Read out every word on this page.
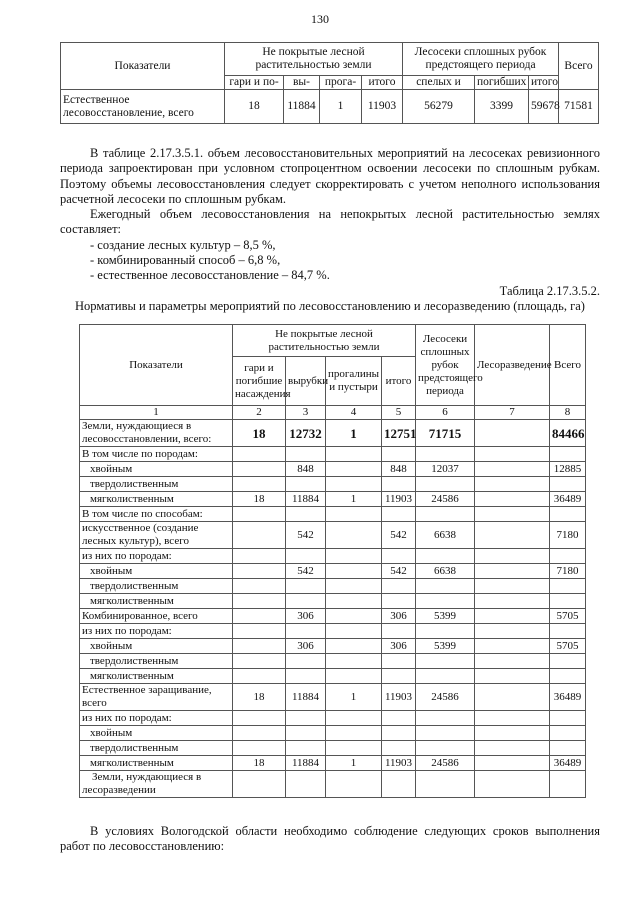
130
Показатели	Не покрытые лесной растительностью земли				Лесосеки сплошных рубок предстоящего периода			Всего
	гари и по-	вы-	прога-	итого	спелых и	погибших	итого	
Естественное лесовосстановление, всего	18	11884	1	11903	56279	3399	59678	71581

В таблице 2.17.3.5.1. объем лесовосстановительных мероприятий на лесосеках ревизионного периода запроектирован при условном стопроцентном освоении лесосеки по сплошным рубкам. Поэтому объемы лесовосстановления следует скорректировать с учетом неполного использования расчетной лесосеки по сплошным рубкам.

Ежегодный объем лесовосстановления на непокрытых лесной растительностью землях составляет:

- создание лесных культур – 8,5 %,

- комбинированный способ – 6,8 %,

- естественное лесовосстановление – 84,7 %.

Таблица 2.17.3.5.2.

Нормативы и параметры мероприятий по лесовосстановлению и лесоразведению (площадь, га)

Показатели	Не покрытые лесной растительностью земли				Лесосеки сплошных рубок предстоящего периода	Лесоразведение	Всего
	гари и погибшие насаждения	вырубки	прогалины и пустыри	итого			
1	2	3	4	5	6	7	8
Земли, нуждающиеся в лесовосстановлении, всего:	18	12732	1	12751	71715		84466
В том числе по породам:							
хвойным		848		848	12037		12885
твердолиственным							
мягколиственным	18	11884	1	11903	24586		36489
В том числе по способам:							
искусственное (создание лесных культур), всего		542		542	6638		7180
из них по породам:							
хвойным		542		542	6638		7180
твердолиственным							
мягколиственным							
Комбинированное, всего		306		306	5399		5705
из них по породам:							
хвойным		306		306	5399		5705
твердолиственным							
мягколиственным							
Естественное заращивание, всего	18	11884	1	11903	24586		36489
из них по породам:							
хвойным							
твердолиственным							
мягколиственным	18	11884	1	11903	24586		36489
Земли, нуждающиеся в лесоразведении							

В условиях Вологодской области необходимо соблюдение следующих сроков выполнения работ по лесовосстановлению:
